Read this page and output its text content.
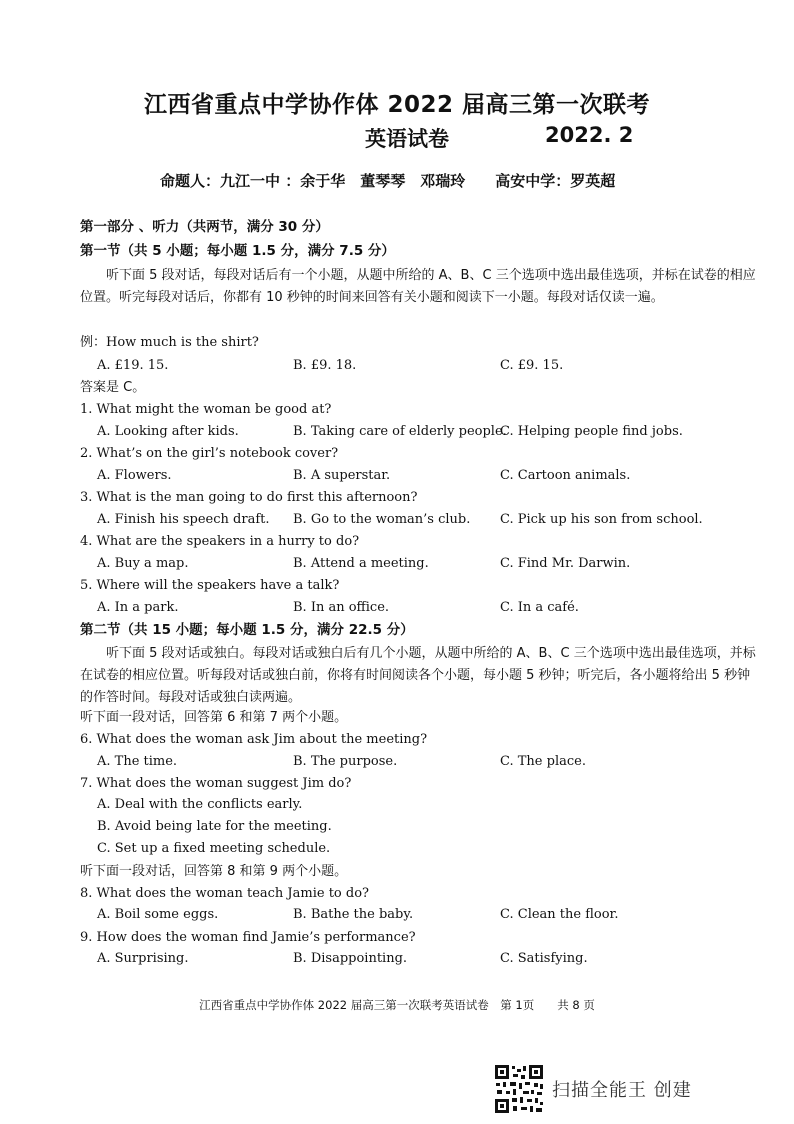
江西省重点中学协作体 2022 届高三第一次联考
英语试卷	2022. 2
命题人：九江一中 ：余于华　董琴琴　邓瑞玲　　高安中学：罗英超
第一部分 、听力（共两节，满分 30 分）
第一节（共 5 小题；每小题 1.5 分，满分 7.5 分）
听下面 5 段对话，每段对话后有一个小题，从题中所给的 A、B、C 三个选项中选出最佳选项，并标在试卷的相应位置。听完每段对话后，你都有 10 秒钟的时间来回答有关小题和阅读下一小题。每段对话仅读一遍。
例：How much is the shirt?
A. £19. 15.	B. £9. 18.	C. £9. 15.
答案是 C。
1. What might the woman be good at?
A. Looking after kids.	B. Taking care of elderly people.
C. Helping people find jobs.
2. What’s on the girl’s notebook cover?
A. Flowers.	B. A superstar.	C. Cartoon animals.
3. What is the man going to do first this afternoon?
A. Finish his speech draft. B. Go to the woman’s club. C. Pick up his son from school.
4. What are the speakers in a hurry to do?
A. Buy a map.	B. Attend a meeting.	C. Find Mr. Darwin.
5. Where will the speakers have a talk?
A. In a park.	B. In an office.	C. In a café.
第二节（共 15 小题；每小题 1.5 分，满分 22.5 分）
听下面 5 段对话或独白。每段对话或独白后有几个小题，从题中所给的 A、B、C 三个选项中选出最佳选项，并标在试卷的相应位置。听每段对话或独白前，你将有时间阅读各个小题，每小题 5 秒钟；听完后，各小题将给出 5 秒钟的作答时间。每段对话或独白读两遍。
听下面一段对话，回答第 6 和第 7 两个小题。
6. What does the woman ask Jim about the meeting?
A. The time.	B. The purpose.	C. The place.
7. What does the woman suggest Jim do?
A. Deal with the conflicts early.
B. Avoid being late for the meeting.
C. Set up a fixed meeting schedule.
听下面一段对话，回答第 8 和第 9 两个小题。
8. What does the woman teach Jamie to do?
A. Boil some eggs.	B. Bathe the baby.	C. Clean the floor.
9. How does the woman find Jamie’s performance?
A. Surprising.	B. Disappointing.	C. Satisfying.
江西省重点中学协作体 2022 届高三第一次联考英语试卷　第 1页　　共 8 页
扫描全能王 创建
